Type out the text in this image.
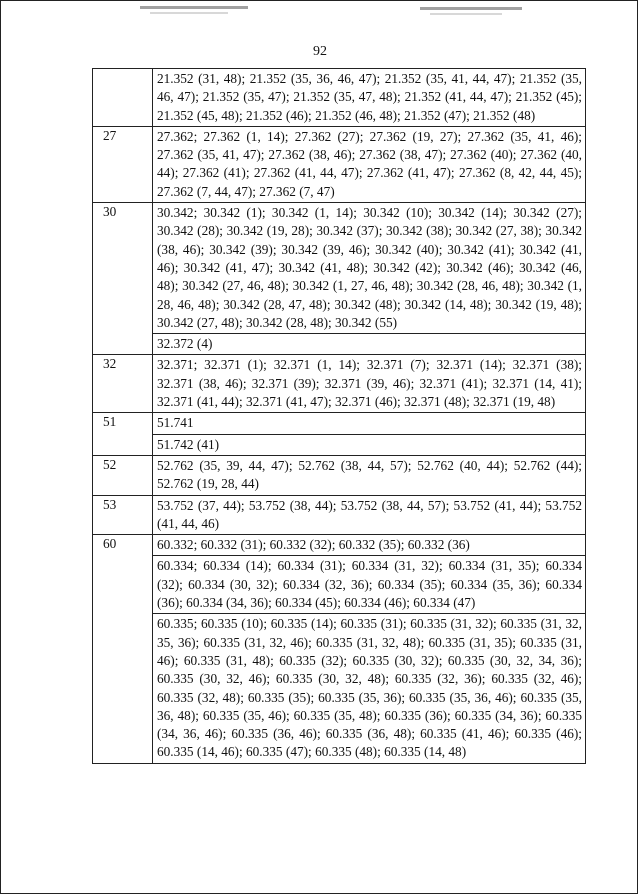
92
	21.352 (31, 48); 21.352 (35, 36, 46, 47); 21.352 (35, 41, 44, 47); 21.352 (35, 46, 47); 21.352 (35, 47); 21.352 (35, 47, 48); 21.352 (41, 44, 47); 21.352 (45); 21.352 (45, 48); 21.352 (46); 21.352 (46, 48); 21.352 (47); 21.352 (48)
27	27.362; 27.362 (1, 14); 27.362 (27); 27.362 (19, 27); 27.362 (35, 41, 46); 27.362 (35, 41, 47); 27.362 (38, 46); 27.362 (38, 47); 27.362 (40); 27.362 (40, 44); 27.362 (41); 27.362 (41, 44, 47); 27.362 (41, 47); 27.362 (8, 42, 44, 45); 27.362 (7, 44, 47); 27.362 (7, 47)
30	30.342; 30.342 (1); 30.342 (1, 14); 30.342 (10); 30.342 (14); 30.342 (27); 30.342 (28); 30.342 (19, 28); 30.342 (37); 30.342 (38); 30.342 (27, 38); 30.342 (38, 46); 30.342 (39); 30.342 (39, 46); 30.342 (40); 30.342 (41); 30.342 (41, 46); 30.342 (41, 47); 30.342 (41, 48); 30.342 (42); 30.342 (46); 30.342 (46, 48); 30.342 (27, 46, 48); 30.342 (1, 27, 46, 48); 30.342 (28, 46, 48); 30.342 (1, 28, 46, 48); 30.342 (28, 47, 48); 30.342 (48); 30.342 (14, 48); 30.342 (19, 48); 30.342 (27, 48); 30.342 (28, 48); 30.342 (55)
	32.372 (4)
32	32.371; 32.371 (1); 32.371 (1, 14); 32.371 (7); 32.371 (14); 32.371 (38); 32.371 (38, 46); 32.371 (39); 32.371 (39, 46); 32.371 (41); 32.371 (14, 41); 32.371 (41, 44); 32.371 (41, 47); 32.371 (46); 32.371 (48); 32.371 (19, 48)
51	51.741
	51.742 (41)
52	52.762 (35, 39, 44, 47); 52.762 (38, 44, 57); 52.762 (40, 44); 52.762 (44); 52.762 (19, 28, 44)
53	53.752 (37, 44); 53.752 (38, 44); 53.752 (38, 44, 57); 53.752 (41, 44); 53.752 (41, 44, 46)
60	60.332; 60.332 (31); 60.332 (32); 60.332 (35); 60.332 (36)
	60.334; 60.334 (14); 60.334 (31); 60.334 (31, 32); 60.334 (31, 35); 60.334 (32); 60.334 (30, 32); 60.334 (32, 36); 60.334 (35); 60.334 (35, 36); 60.334 (36); 60.334 (34, 36); 60.334 (45); 60.334 (46); 60.334 (47)
	60.335; 60.335 (10); 60.335 (14); 60.335 (31); 60.335 (31, 32); 60.335 (31, 32, 35, 36); 60.335 (31, 32, 46); 60.335 (31, 32, 48); 60.335 (31, 35); 60.335 (31, 46); 60.335 (31, 48); 60.335 (32); 60.335 (30, 32); 60.335 (30, 32, 34, 36); 60.335 (30, 32, 46); 60.335 (30, 32, 48); 60.335 (32, 36); 60.335 (32, 46); 60.335 (32, 48); 60.335 (35); 60.335 (35, 36); 60.335 (35, 36, 46); 60.335 (35, 36, 48); 60.335 (35, 46); 60.335 (35, 48); 60.335 (36); 60.335 (34, 36); 60.335 (34, 36, 46); 60.335 (36, 46); 60.335 (36, 48); 60.335 (41, 46); 60.335 (46); 60.335 (14, 46); 60.335 (47); 60.335 (48); 60.335 (14, 48)
